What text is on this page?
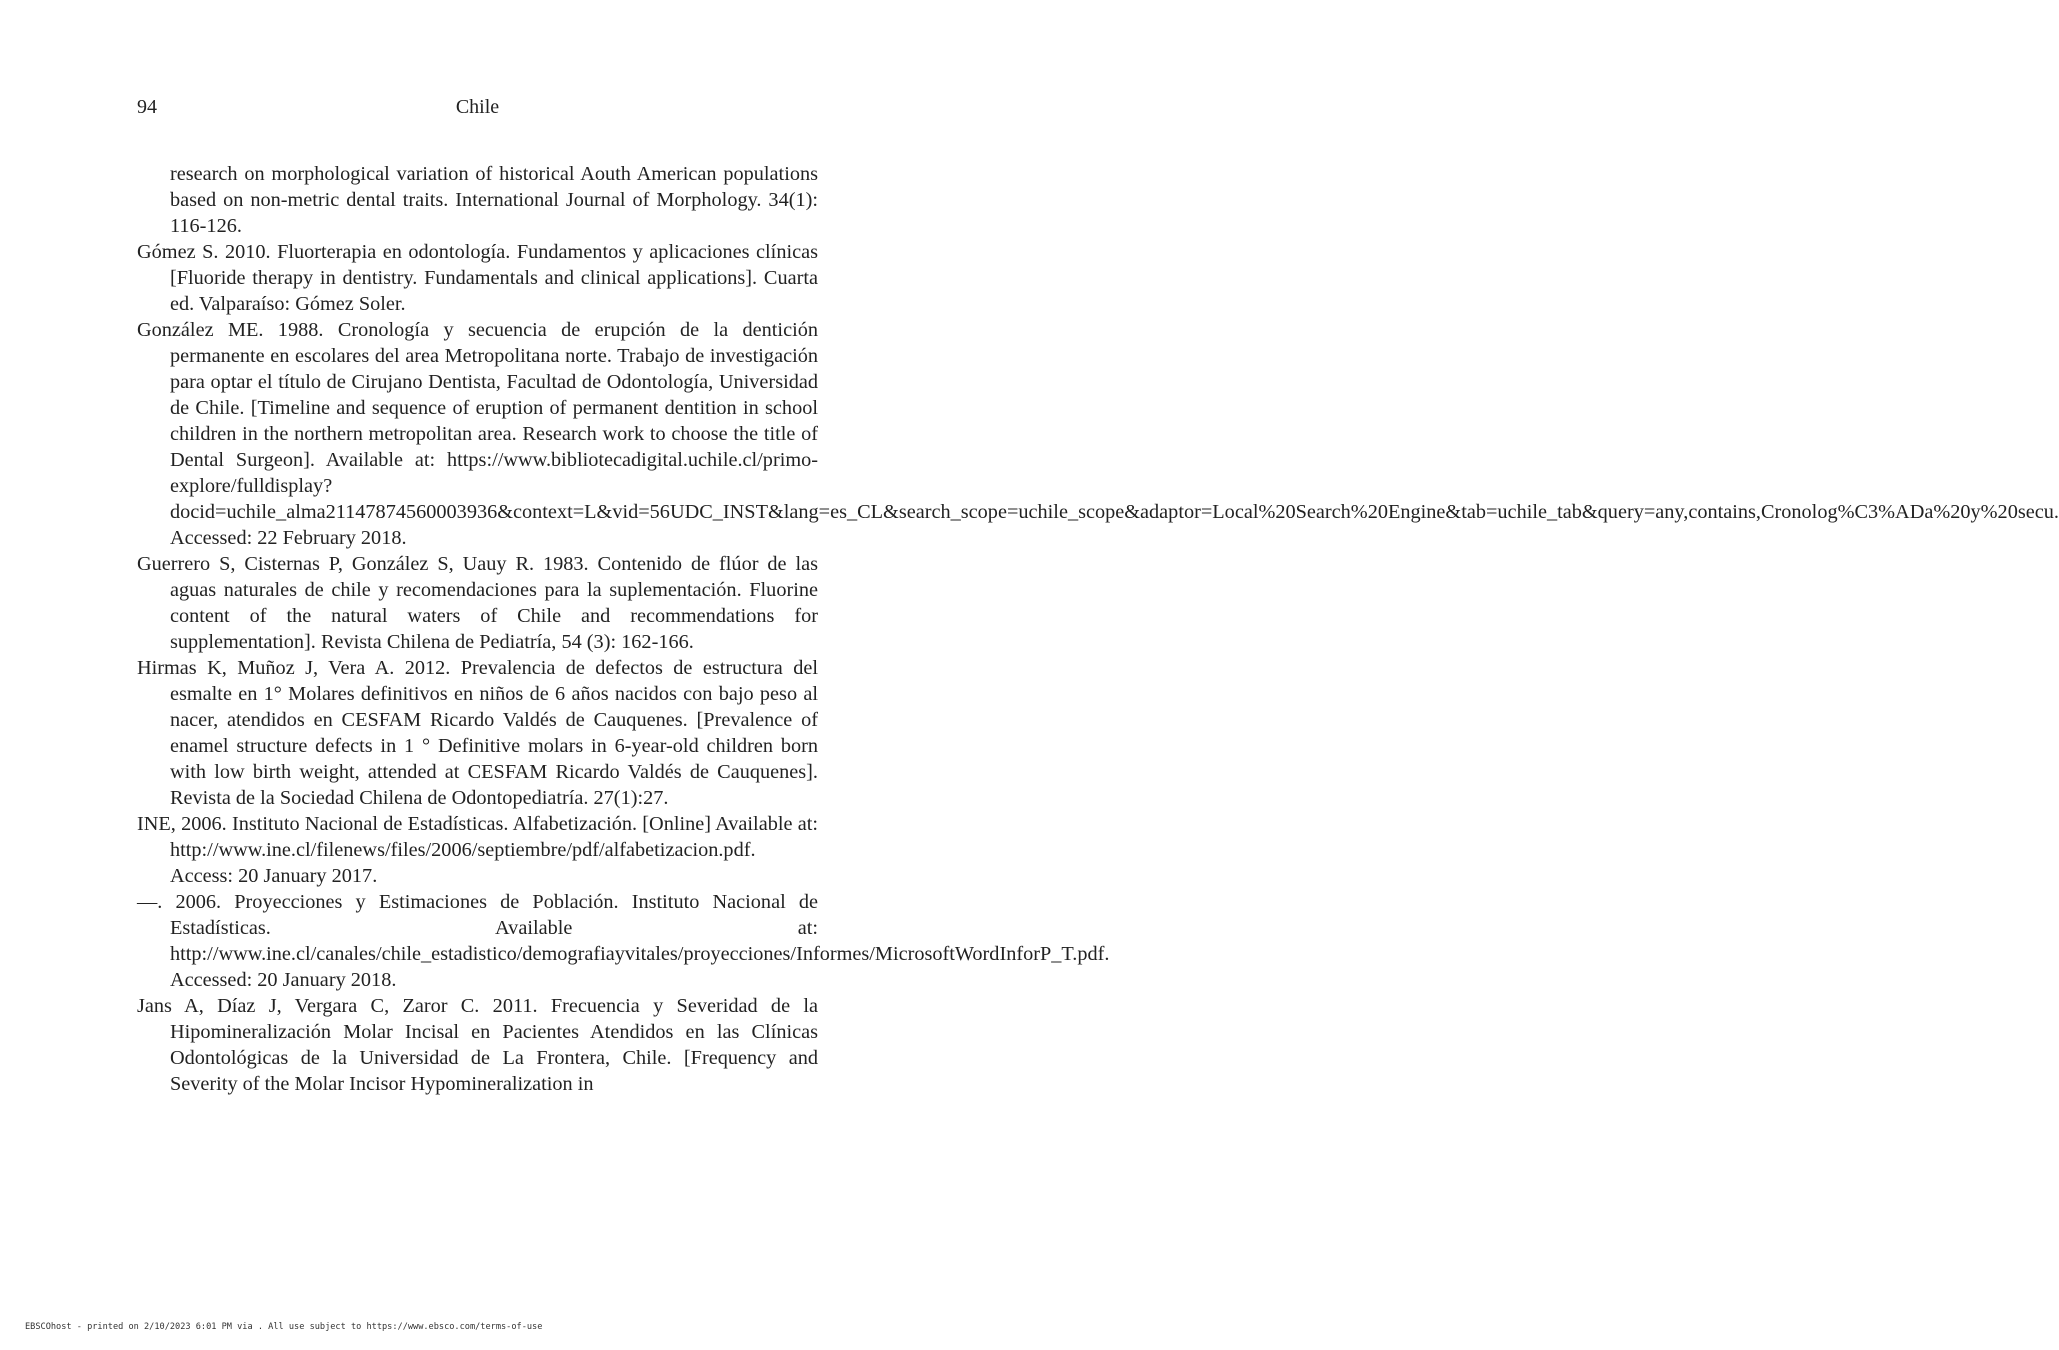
94	Chile

research on morphological variation of historical Aouth American populations based on non-metric dental traits. International Journal of Morphology. 34(1): 116-126.

Gómez S. 2010. Fluorterapia en odontología. Fundamentos y aplicaciones clínicas [Fluoride therapy in dentistry. Fundamentals and clinical applications]. Cuarta ed. Valparaíso: Gómez Soler.

González ME. 1988. Cronología y secuencia de erupción de la dentición permanente en escolares del area Metropolitana norte. Trabajo de investigación para optar el título de Cirujano Dentista, Facultad de Odontología, Universidad de Chile. [Timeline and sequence of eruption of permanent dentition in school children in the northern metropolitan area. Research work to choose the title of Dental Surgeon]. Available at: https://www.bibliotecadigital.uchile.cl/primo-explore/fulldisplay?docid=uchile_alma21147874560003936&context=L&vid=56UDC_INST&lang=es_CL&search_scope=uchile_scope&adaptor=Local%20Search%20Engine&tab=uchile_tab&query=any,contains,Cronolog%C3%ADa%20y%20secu. Accessed: 22 February 2018.

Guerrero S, Cisternas P, González S, Uauy R. 1983. Contenido de flúor de las aguas naturales de chile y recomendaciones para la suplementación. Fluorine content of the natural waters of Chile and recommendations for supplementation]. Revista Chilena de Pediatría, 54 (3): 162-166.

Hirmas K, Muñoz J, Vera A. 2012. Prevalencia de defectos de estructura del esmalte en 1° Molares definitivos en niños de 6 años nacidos con bajo peso al nacer, atendidos en CESFAM Ricardo Valdés de Cauquenes. [Prevalence of enamel structure defects in 1 ° Definitive molars in 6-year-old children born with low birth weight, attended at CESFAM Ricardo Valdés de Cauquenes]. Revista de la Sociedad Chilena de Odontopediatría. 27(1):27.

INE, 2006. Instituto Nacional de Estadísticas. Alfabetización. [Online] Available at: http://www.ine.cl/filenews/files/2006/septiembre/pdf/alfabetizacion.pdf. Access: 20 January 2017.

—. 2006. Proyecciones y Estimaciones de Población. Instituto Nacional de Estadísticas. Available at: http://www.ine.cl/canales/chile_estadistico/demografiayvitales/proyecciones/Informes/MicrosoftWordInforP_T.pdf. Accessed: 20 January 2018.

Jans A, Díaz J, Vergara C, Zaror C. 2011. Frecuencia y Severidad de la Hipomineralización Molar Incisal en Pacientes Atendidos en las Clínicas Odontológicas de la Universidad de La Frontera, Chile. [Frequency and Severity of the Molar Incisor Hypomineralization in

EBSCOhost - printed on 2/10/2023 6:01 PM via . All use subject to https://www.ebsco.com/terms-of-use
